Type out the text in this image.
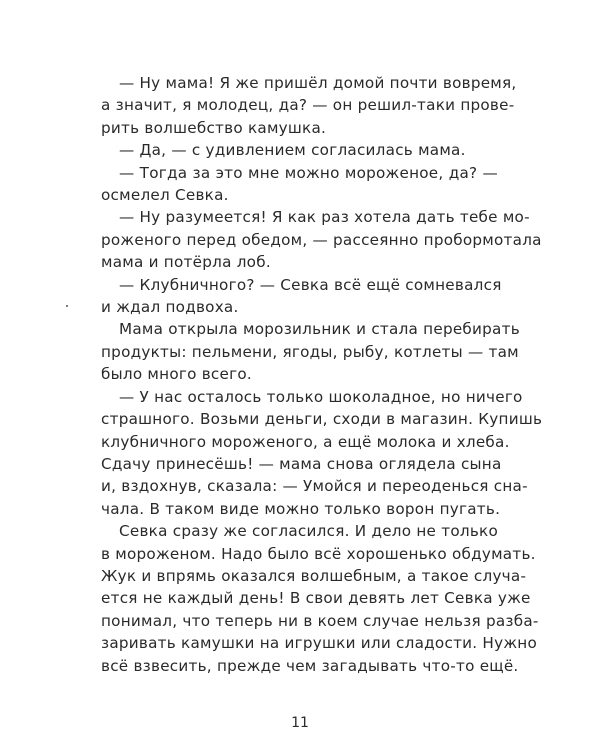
— Ну мама! Я же пришёл домой почти вовремя,
а значит, я молодец, да? — он решил-таки прове-
рить волшебство камушка.

— Да, — с удивлением согласилась мама.

— Тогда за это мне можно мороженое, да? —
осмелел Севка.

— Ну разумеется! Я как раз хотела дать тебе мо-
роженого перед обедом, — рассеянно пробормотала
мама и потёрла лоб.

— Клубничного? — Севка всё ещё сомневался
и ждал подвоха.

Мама открыла морозильник и стала перебирать
продукты: пельмени, ягоды, рыбу, котлеты — там
было много всего.

— У нас осталось только шоколадное, но ничего
страшного. Возьми деньги, сходи в магазин. Купишь
клубничного мороженого, а ещё молока и хлеба.
Сдачу принесёшь! — мама снова оглядела сына
и, вздохнув, сказала: — Умойся и переоденься сна-
чала. В таком виде можно только ворон пугать.

Севка сразу же согласился. И дело не только
в мороженом. Надо было всё хорошенько обдумать.
Жук и впрямь оказался волшебным, а такое случа-
ется не каждый день! В свои девять лет Севка уже
понимал, что теперь ни в коем случае нельзя разба-
заривать камушки на игрушки или сладости. Нужно
всё взвесить, прежде чем загадывать что-то ещё.

11
